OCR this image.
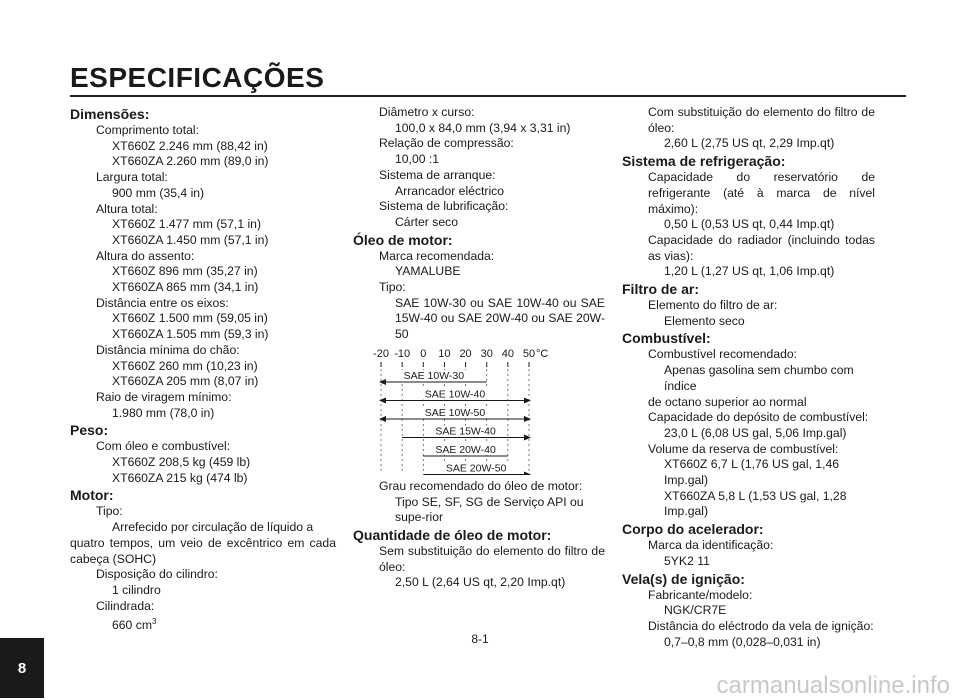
ESPECIFICAÇÕES
8
Dimensões:
Comprimento total:
XT660Z 2.246 mm (88,42 in)
XT660ZA 2.260 mm (89,0 in)
Largura total:
900 mm (35,4 in)
Altura total:
XT660Z 1.477 mm (57,1 in)
XT660ZA 1.450 mm (57,1 in)
Altura do assento:
XT660Z 896 mm (35,27 in)
XT660ZA 865 mm (34,1 in)
Distância entre os eixos:
XT660Z 1.500 mm (59,05 in)
XT660ZA 1.505 mm (59,3 in)
Distância mínima do chão:
XT660Z 260 mm (10,23 in)
XT660ZA 205 mm (8,07 in)
Raio de viragem mínimo:
1.980 mm (78,0 in)
Peso:
Com óleo e combustível:
XT660Z 208,5 kg (459 lb)
XT660ZA 215 kg (474 lb)
Motor:
Tipo:
Arrefecido por circulação de líquido a
quatro tempos, um veio de excêntrico em cada cabeça (SOHC)
Disposição do cilindro:
1 cilindro
Cilindrada:
660 $cm^3$
Diâmetro x curso:
100,0 x 84,0 mm (3,94 x 3,31 in)
Relação de compressão:
10,00 :1
Sistema de arranque:
Arrancador eléctrico
Sistema de lubrificação:
Cárter seco
Óleo de motor:
Marca recomendada:
YAMALUBE
Tipo:
SAE 10W-30 ou SAE 10W-40 ou SAE 15W-40 ou SAE 20W-40 ou SAE 20W-50
-20 -10 0 10 20 30 40 50 °C
SAE 10W-30
SAE 10W-40
SAE 10W-50
SAE 15W-40
SAE 20W-40
SAE 20W-50
Grau recomendado do óleo de motor:
Tipo SE, SF, SG de Serviço API ou supe-rior
Quantidade de óleo de motor:
Sem substituição do elemento do filtro de óleo:
2,50 L (2,64 US qt, 2,20 Imp.qt)
Com substituição do elemento do filtro de óleo:
2,60 L (2,75 US qt, 2,29 Imp.qt)
Sistema de refrigeração:
Capacidade do reservatório de refrigerante (até à marca de nível máximo):
0,50 L (0,53 US qt, 0,44 Imp.qt)
Capacidade do radiador (incluindo todas as vias):
1,20 L (1,27 US qt, 1,06 Imp.qt)
Filtro de ar:
Elemento do filtro de ar:
Elemento seco
Combustível:
Combustível recomendado:
Apenas gasolina sem chumbo com índice
de octano superior ao normal
Capacidade do depósito de combustível:
23,0 L (6,08 US gal, 5,06 Imp.gal)
Volume da reserva de combustível:
XT660Z 6,7 L (1,76 US gal, 1,46 Imp.gal)
XT660ZA 5,8 L (1,53 US gal, 1,28 Imp.gal)
Corpo do acelerador:
Marca da identificação:
5YK2 11
Vela(s) de ignição:
Fabricante/modelo:
NGK/CR7E
Distância do eléctrodo da vela de ignição:
0,7–0,8 mm (0,028–0,031 in)
8-1
carmanualsonline.info
